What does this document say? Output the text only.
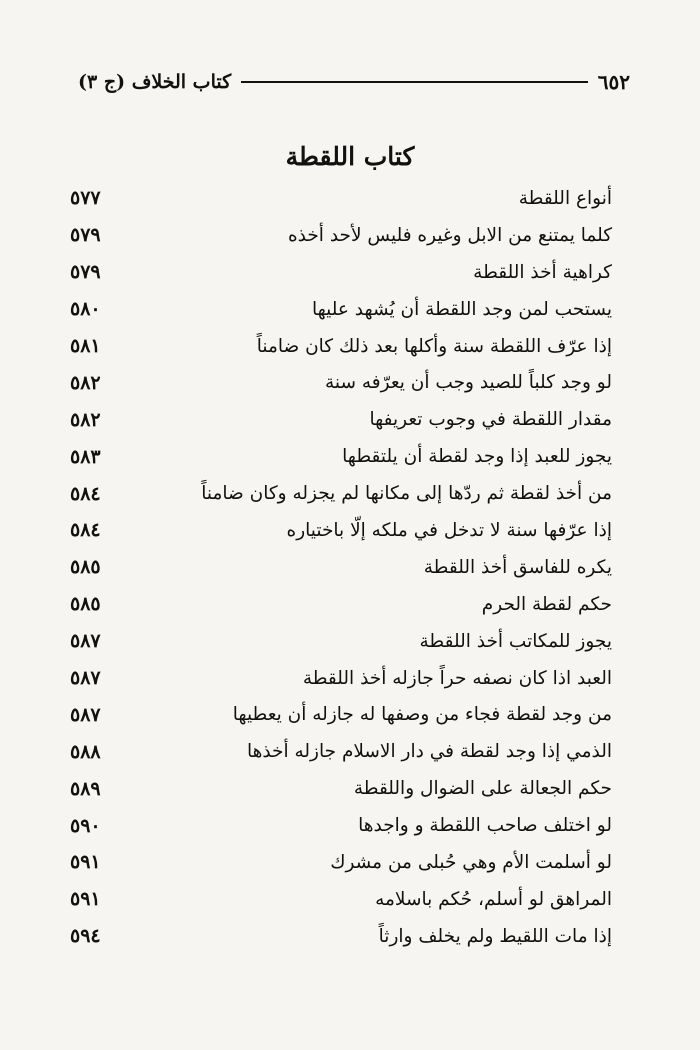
٦٥٢
كتاب الخلاف (ج ٣)
كتاب اللقطة
أنواع اللقطة
٥٧٧
كلما يمتنع من الابل وغيره فليس لأحد أخذه
٥٧٩
كراهية أخذ اللقطة
٥٧٩
يستحب لمن وجد اللقطة أن يُشهد عليها
٥٨٠
إذا عرّف اللقطة سنة وأكلها بعد ذلك كان ضامناً
٥٨١
لو وجد كلباً للصيد وجب أن يعرّفه سنة
٥٨٢
مقدار اللقطة في وجوب تعريفها
٥٨٢
يجوز للعبد إذا وجد لقطة أن يلتقطها
٥٨٣
من أخذ لقطة ثم ردّها إلى مكانها لم يجزله وكان ضامناً
٥٨٤
إذا عرّفها سنة لا تدخل في ملكه إلّا باختياره
٥٨٤
يكره للفاسق أخذ اللقطة
٥٨٥
حكم لقطة الحرم
٥٨٥
يجوز للمكاتب أخذ اللقطة
٥٨٧
العبد اذا كان نصفه حراً جازله أخذ اللقطة
٥٨٧
من وجد لقطة فجاء من وصفها له جازله أن يعطيها
٥٨٧
الذمي إذا وجد لقطة في دار الاسلام جازله أخذها
٥٨٨
حكم الجعالة على الضوال واللقطة
٥٨٩
لو اختلف صاحب اللقطة و واجدها
٥٩٠
لو أسلمت الأم وهي حُبلى من مشرك
٥٩١
المراهق لو أسلم، حُكم باسلامه
٥٩١
إذا مات اللقيط ولم يخلف وارثاً
٥٩٤
